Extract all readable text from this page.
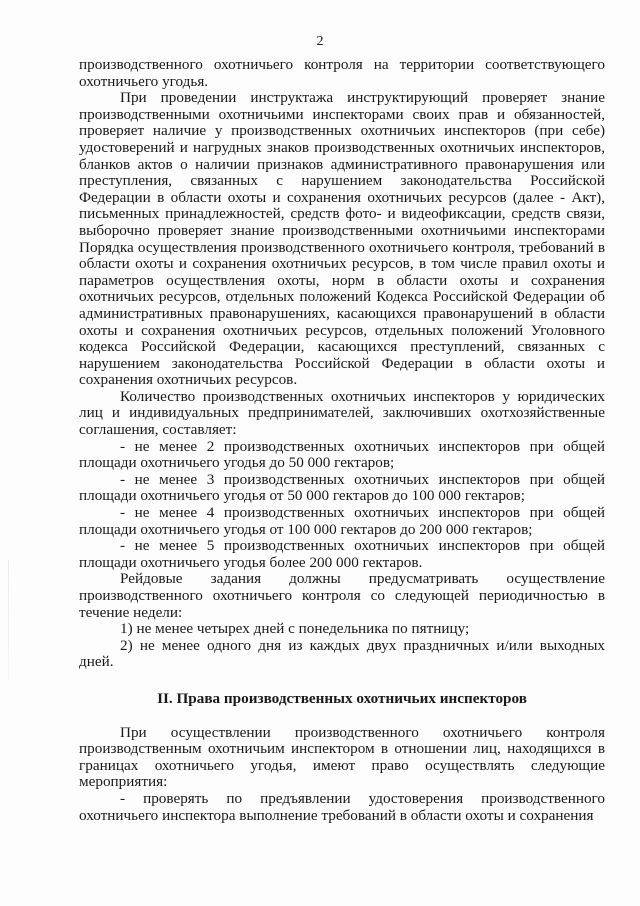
2

производственного охотничьего контроля на территории соответствующего охотничьего угодья.

При проведении инструктажа инструктирующий проверяет знание производственными охотничьими инспекторами своих прав и обязанностей, проверяет наличие у производственных охотничьих инспекторов (при себе) удостоверений и нагрудных знаков производственных охотничьих инспекторов, бланков актов о наличии признаков административного правонарушения или преступления, связанных с нарушением законодательства Российской Федерации в области охоты и сохранения охотничьих ресурсов (далее - Акт), письменных принадлежностей, средств фото- и видеофиксации, средств связи, выборочно проверяет знание производственными охотничьими инспекторами Порядка осуществления производственного охотничьего контроля, требований в области охоты и сохранения охотничьих ресурсов, в том числе правил охоты и параметров осуществления охоты, норм в области охоты и сохранения охотничьих ресурсов, отдельных положений Кодекса Российской Федерации об административных правонарушениях, касающихся правонарушений в области охоты и сохранения охотничьих ресурсов, отдельных положений Уголовного кодекса Российской Федерации, касающихся преступлений, связанных с нарушением законодательства Российской Федерации в области охоты и сохранения охотничьих ресурсов.

Количество производственных охотничьих инспекторов у юридических лиц и индивидуальных предпринимателей, заключивших охотхозяйственные соглашения, составляет:

- не менее 2 производственных охотничьих инспекторов при общей площади охотничьего угодья до 50 000 гектаров;

- не менее 3 производственных охотничьих инспекторов при общей площади охотничьего угодья от 50 000 гектаров до 100 000 гектаров;

- не менее 4 производственных охотничьих инспекторов при общей площади охотничьего угодья от 100 000 гектаров до 200 000 гектаров;

- не менее 5 производственных охотничьих инспекторов при общей площади охотничьего угодья более 200 000 гектаров.

Рейдовые задания должны предусматривать осуществление производственного охотничьего контроля со следующей периодичностью в течение недели:

1) не менее четырех дней с понедельника по пятницу;

2) не менее одного дня из каждых двух праздничных и/или выходных дней.

II. Права производственных охотничьих инспекторов

При осуществлении производственного охотничьего контроля производственным охотничьим инспектором в отношении лиц, находящихся в границах охотничьего угодья, имеют право осуществлять следующие мероприятия:

- проверять по предъявлении удостоверения производственного охотничьего инспектора выполнение требований в области охоты и сохранения
